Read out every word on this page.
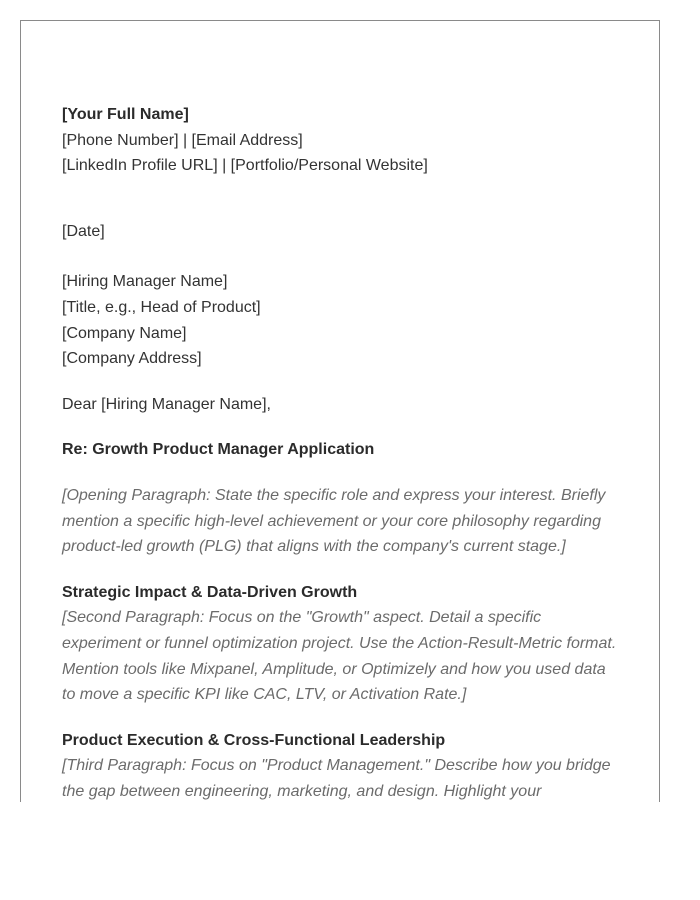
[Your Full Name]
[Phone Number] | [Email Address]
[LinkedIn Profile URL] | [Portfolio/Personal Website]
[Date]
[Hiring Manager Name]
[Title, e.g., Head of Product]
[Company Name]
[Company Address]
Dear [Hiring Manager Name],
Re: Growth Product Manager Application
[Opening Paragraph: State the specific role and express your interest. Briefly
mention a specific high-level achievement or your core philosophy regarding
product-led growth (PLG) that aligns with the company's current stage.]
Strategic Impact & Data-Driven Growth
[Second Paragraph: Focus on the "Growth" aspect. Detail a specific
experiment or funnel optimization project. Use the Action-Result-Metric format.
Mention tools like Mixpanel, Amplitude, or Optimizely and how you used data
to move a specific KPI like CAC, LTV, or Activation Rate.]
Product Execution & Cross-Functional Leadership
[Third Paragraph: Focus on "Product Management." Describe how you bridge
the gap between engineering, marketing, and design. Highlight your
